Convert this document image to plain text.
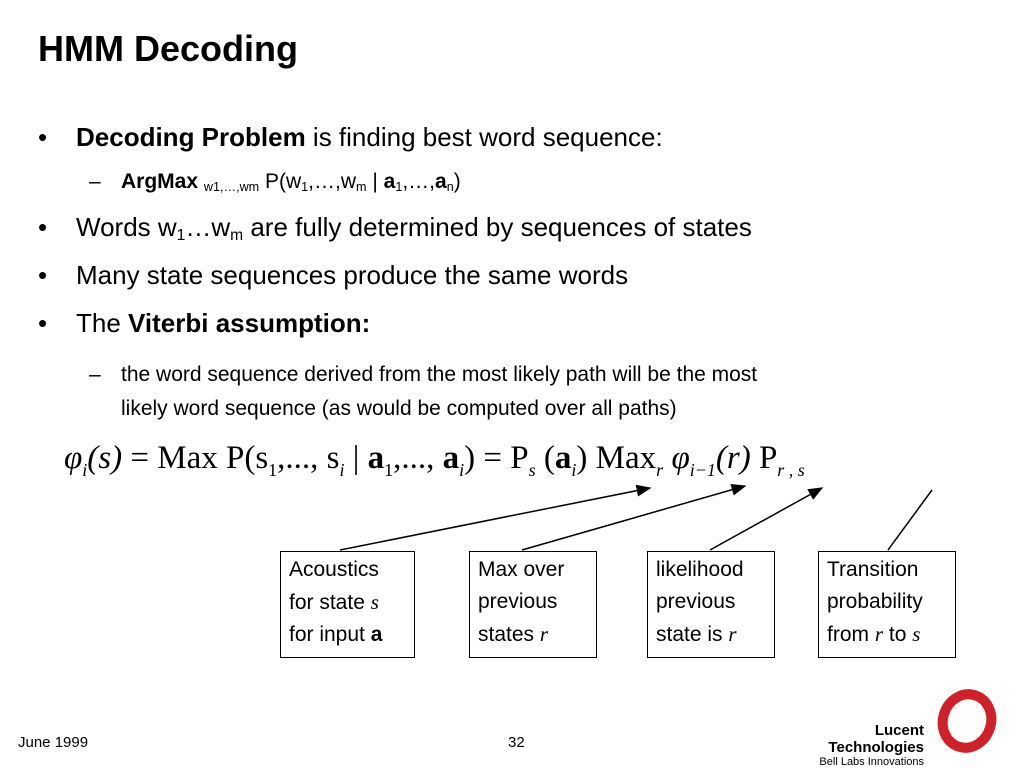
HMM Decoding
• Decoding Problem is finding best word sequence:
– ArgMax $_{w1,\dots,wm}$ $P(w_1,\dots,w_m$ | $a_1,\dots,a_n$)
• Words $w_1\dots w_m$ are fully determined by sequences of states
• Many state sequences produce the same words
• The Viterbi assumption:
– the word sequence derived from the most likely path will be the most
likely word sequence (as would be computed over all paths)
$\varphi_i(s)$ = Max $P(s_1$,..., $s_i$ | $a_1$,..., $a_i) = P_s$ $(a_i)$ Max$_r$ $\varphi_{i-1}(r)$ $P_{r , s}$
Acoustics
for state s
for input a
Max over
previous
states r
likelihood
previous
state is r
Transition
probability
from r to s
June 1999	32
Lucent Technologies
Bell Labs Innovations
